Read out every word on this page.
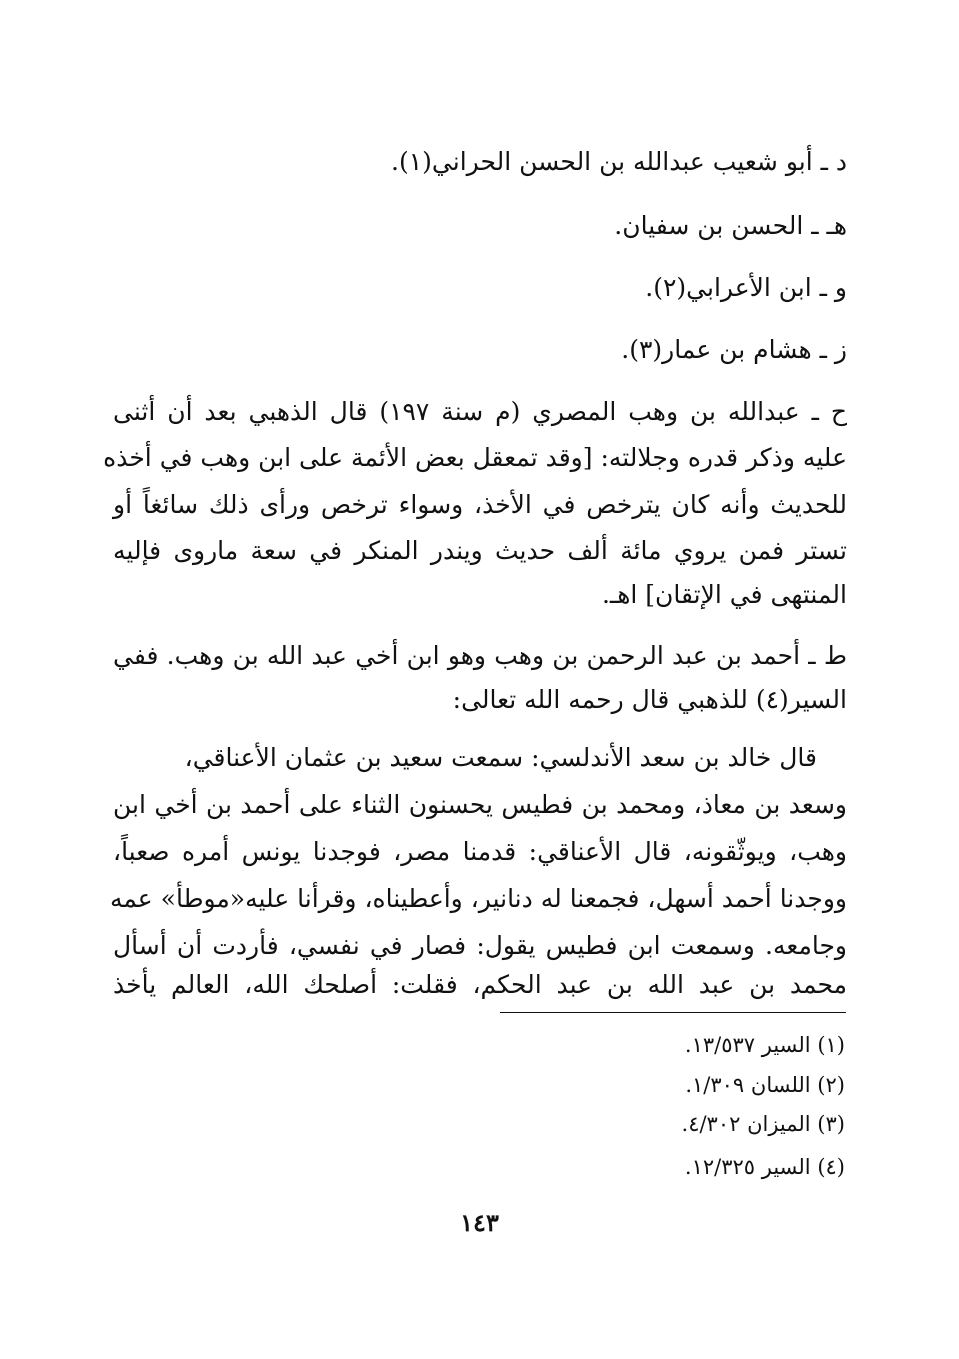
د ـ أبو شعيب عبدالله بن الحسن الحراني(١).
هـ ـ الحسن بن سفيان.
و ـ ابن الأعرابي(٢).
ز ـ هشام بن عمار(٣).
ح ـ عبدالله بن وهب المصري (م سنة ١٩٧) قال الذهبي بعد أن أثنى
عليه وذكر قدره وجلالته: [وقد تمعقل بعض الأئمة على ابن وهب في أخذه
للحديث وأنه كان يترخص في الأخذ، وسواء ترخص ورأى ذلك سائغاً أو
تستر فمن يروي مائة ألف حديث ويندر المنكر في سعة ماروى فإليه
المنتهى في الإتقان] اهـ.
ط ـ أحمد بن عبد الرحمن بن وهب وهو ابن أخي عبد الله بن وهب. ففي
السير(٤) للذهبي قال رحمه الله تعالى:
قال خالد بن سعد الأندلسي: سمعت سعيد بن عثمان الأعناقي،
وسعد بن معاذ، ومحمد بن فطيس يحسنون الثناء على أحمد بن أخي ابن
وهب، ويوثّقونه، قال الأعناقي: قدمنا مصر، فوجدنا يونس أمره صعباً،
ووجدنا أحمد أسهل، فجمعنا له دنانير، وأعطيناه، وقرأنا عليه«موطأ» عمه
وجامعه. وسمعت ابن فطيس يقول: فصار في نفسي، فأردت أن أسأل
محمد بن عبد الله بن عبد الحكم، فقلت: أصلحك الله، العالم يأخذ
(١) السير ١٣/٥٣٧.
(٢) اللسان ١/٣٠٩.
(٣) الميزان ٤/٣٠٢.
(٤) السير ١٢/٣٢٥.
١٤٣
